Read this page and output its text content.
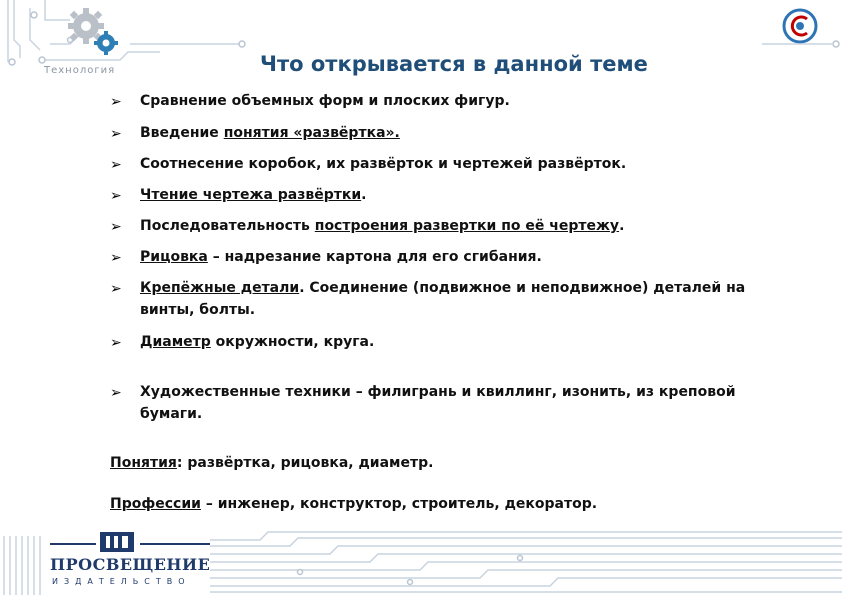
Технология	Что открывается в данной теме
➢ Сравнение объемных форм и плоских фигур.
➢ Введение понятия «развёртка».
➢ Соотнесение коробок, их развёрток и чертежей развёрток.
➢ Чтение чертежа развёртки.
➢ Последовательность построения развертки по её чертежу.
➢ Рицовка – надрезание картона для его сгибания.
➢ Крепёжные детали. Соединение (подвижное и неподвижное) деталей на винты, болты.
➢ Диаметр окружности, круга.
➢ Художественные техники – филигрань и квиллинг, изонить, из креповой бумаги.
Понятия: развёртка, рицовка, диаметр.
Профессии – инженер, конструктор, строитель, декоратор.
ПРОСВЕЩЕНИЕ
ИЗДАТЕЛЬСТВО
